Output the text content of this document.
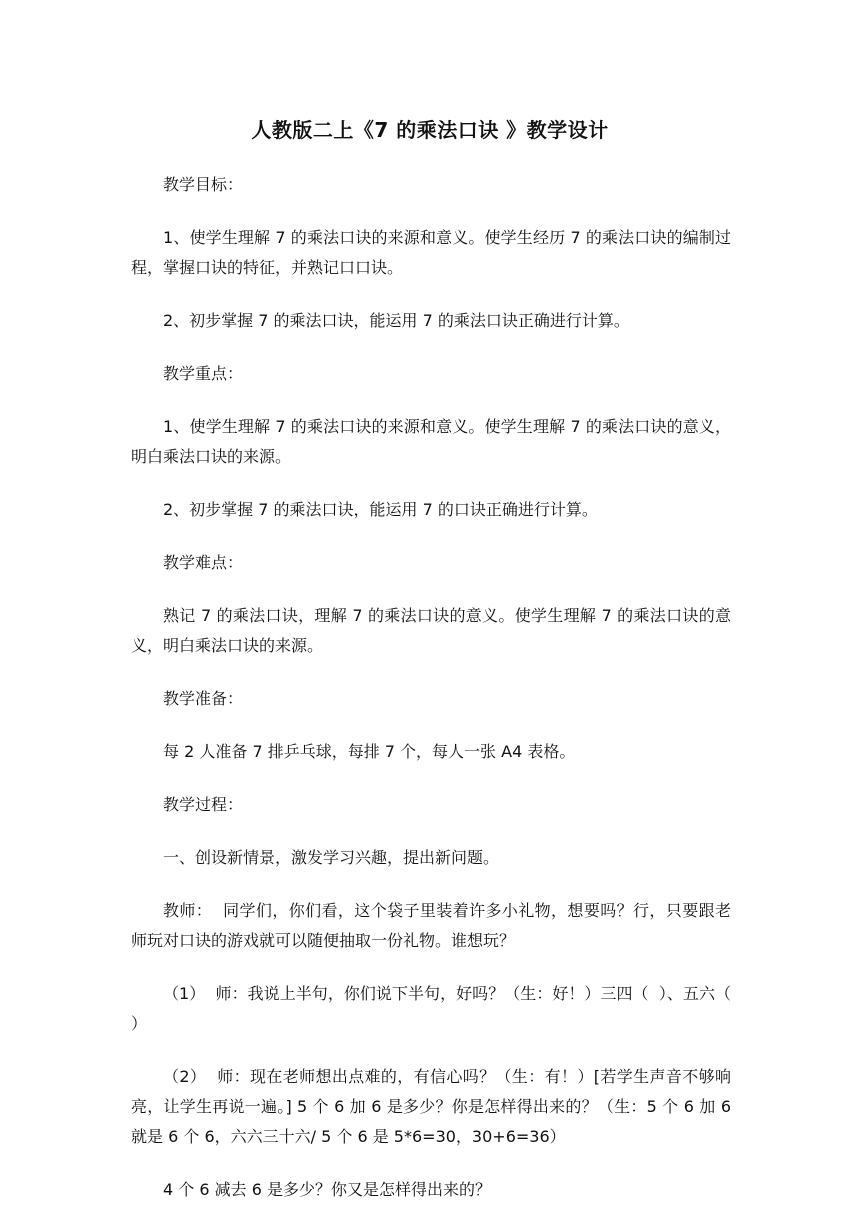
人教版二上《7 的乘法口诀 》教学设计

教学目标：

1、使学生理解 7 的乘法口诀的来源和意义。使学生经历 7 的乘法口诀的编制过程，掌握口诀的特征，并熟记口口诀。

2、初步掌握 7 的乘法口诀，能运用 7 的乘法口诀正确进行计算。

教学重点：

1、使学生理解 7 的乘法口诀的来源和意义。使学生理解 7 的乘法口诀的意义，明白乘法口诀的来源。

2、初步掌握 7 的乘法口诀，能运用 7 的口诀正确进行计算。

教学难点：

熟记 7 的乘法口诀，理解 7 的乘法口诀的意义。使学生理解 7 的乘法口诀的意义，明白乘法口诀的来源。

教学准备：

每 2 人准备 7 排乒乓球，每排 7 个，每人一张 A4 表格。

教学过程：

一、创设新情景，激发学习兴趣，提出新问题。

教师：  同学们，你们看，这个袋子里装着许多小礼物，想要吗？行，只要跟老师玩对口诀的游戏就可以随便抽取一份礼物。谁想玩？

（1）  师：我说上半句，你们说下半句，好吗？（生：好！）三四（  ）、五六（  ）

（2）  师：现在老师想出点难的，有信心吗？（生：有！）[若学生声音不够响亮，让学生再说一遍。] 5 个 6 加 6 是多少？你是怎样得出来的？（生：5 个 6 加 6 就是 6 个 6，六六三十六/ 5 个 6 是 5*6=30，30+6=36）

4 个 6 减去 6 是多少？你又是怎样得出来的？
